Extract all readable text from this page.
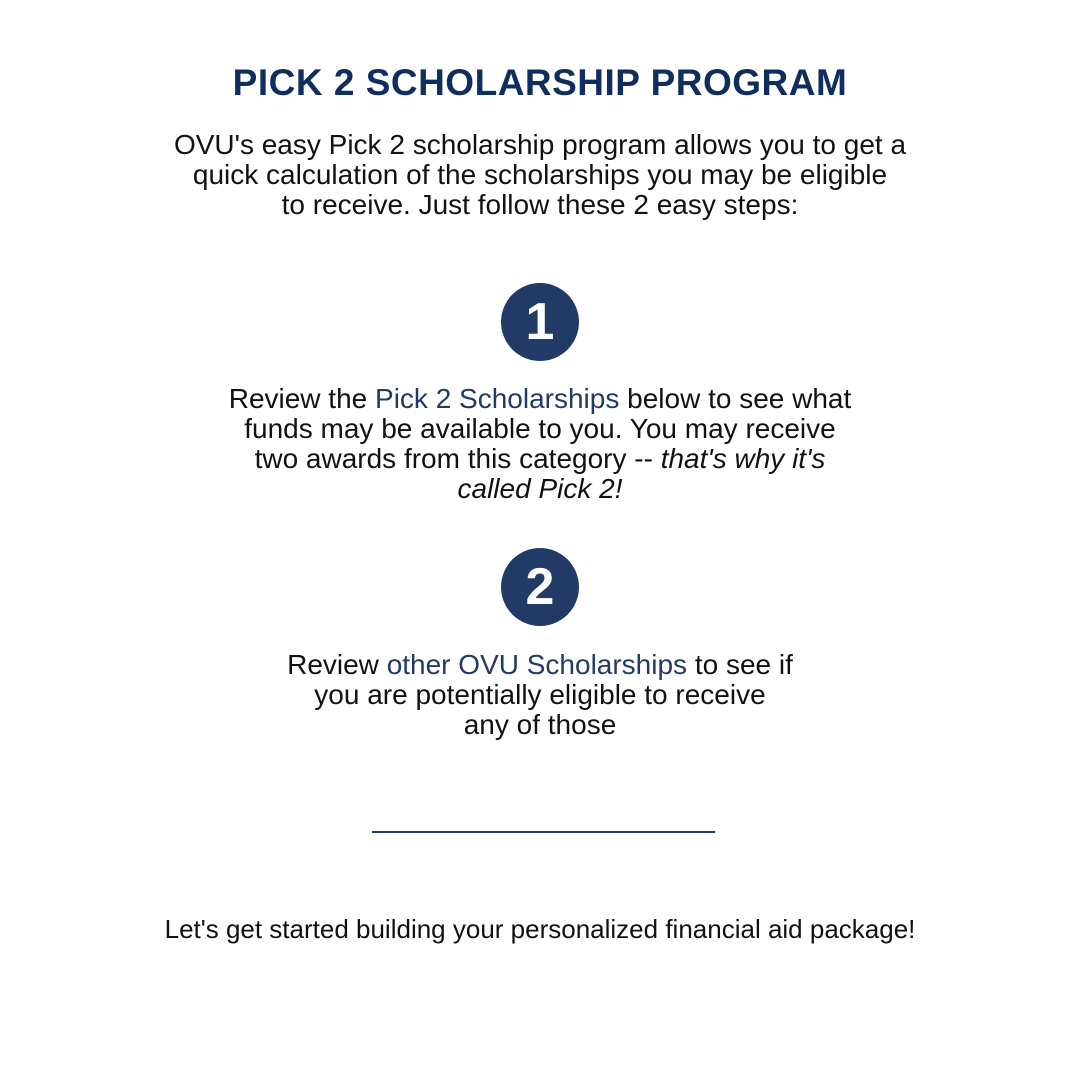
PICK 2 SCHOLARSHIP PROGRAM
OVU's easy Pick 2 scholarship program allows you to get a
quick calculation of the scholarships you may be eligible
to receive. Just follow these 2 easy steps:
1
Review the Pick 2 Scholarships below to see what
funds may be available to you. You may receive
two awards from this category -- that's why it's
called Pick 2!
2
Review other OVU Scholarships to see if
you are potentially eligible to receive
any of those
Let's get started building your personalized financial aid package!
